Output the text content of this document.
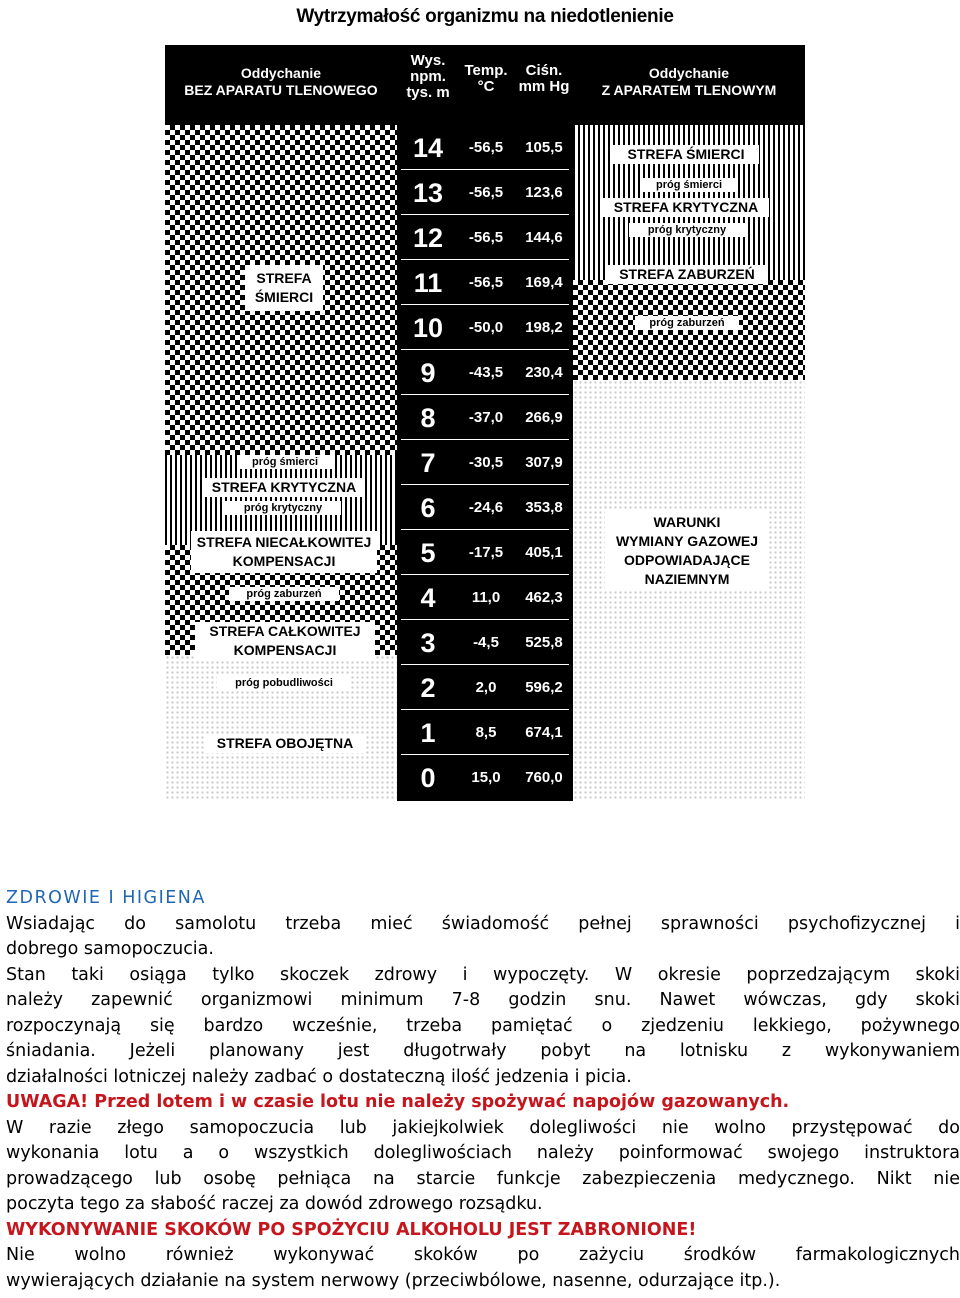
Wytrzymałość organizmu na niedotlenienie
Oddychanie
BEZ APARATU TLENOWEGO
Wys.
npm.
tys. m
Temp.
°C
Ciśn.
mm Hg
Oddychanie
Z APARATEM TLENOWYM
STREFA
ŚMIERCI
próg śmierci
STREFA KRYTYCZNA
próg krytyczny
STREFA NIECAŁKOWITEJ
KOMPENSACJI
próg zaburzeń
STREFA CAŁKOWITEJ
KOMPENSACJI
próg pobudliwości
STREFA OBOJĘTNA
14	-56,5	105,5
13	-56,5	123,6
12	-56,5	144,6
11	-56,5	169,4
10	-50,0	198,2
9	-43,5	230,4
8	-37,0	266,9
7	-30,5	307,9
6	-24,6	353,8
5	-17,5	405,1
4	11,0	462,3
3	-4,5	525,8
2	2,0	596,2
1	8,5	674,1
0	15,0	760,0
STREFA ŚMIERCI
próg śmierci
STREFA KRYTYCZNA
próg krytyczny
STREFA ZABURZEŃ
próg zaburzeń
WARUNKI
WYMIANY GAZOWEJ
ODPOWIADAJĄCE
NAZIEMNYM

ZDROWIE I HIGIENA

Wsiadając do samolotu trzeba mieć świadomość pełnej sprawności psychofizycznej i

dobrego samopoczucia.

Stan taki osiąga tylko skoczek zdrowy i wypoczęty. W okresie poprzedzającym skoki

należy zapewnić organizmowi minimum 7-8 godzin snu. Nawet wówczas, gdy skoki

rozpoczynają się bardzo wcześnie, trzeba pamiętać o zjedzeniu lekkiego, pożywnego

śniadania. Jeżeli planowany jest długotrwały pobyt na lotnisku z wykonywaniem

działalności lotniczej należy zadbać o dostateczną ilość jedzenia i picia.

UWAGA! Przed lotem i w czasie lotu nie należy spożywać napojów gazowanych.

W razie złego samopoczucia lub jakiejkolwiek dolegliwości nie wolno przystępować do

wykonania lotu a o wszystkich dolegliwościach należy poinformować swojego instruktora

prowadzącego lub osobę pełniąca na starcie funkcje zabezpieczenia medycznego. Nikt nie

poczyta tego za słabość raczej za dowód zdrowego rozsądku.

WYKONYWANIE SKOKÓW PO SPOŻYCIU ALKOHOLU JEST ZABRONIONE!

Nie wolno również wykonywać skoków po zażyciu środków farmakologicznych

wywierających działanie na system nerwowy (przeciwbólowe, nasenne, odurzające itp.).
